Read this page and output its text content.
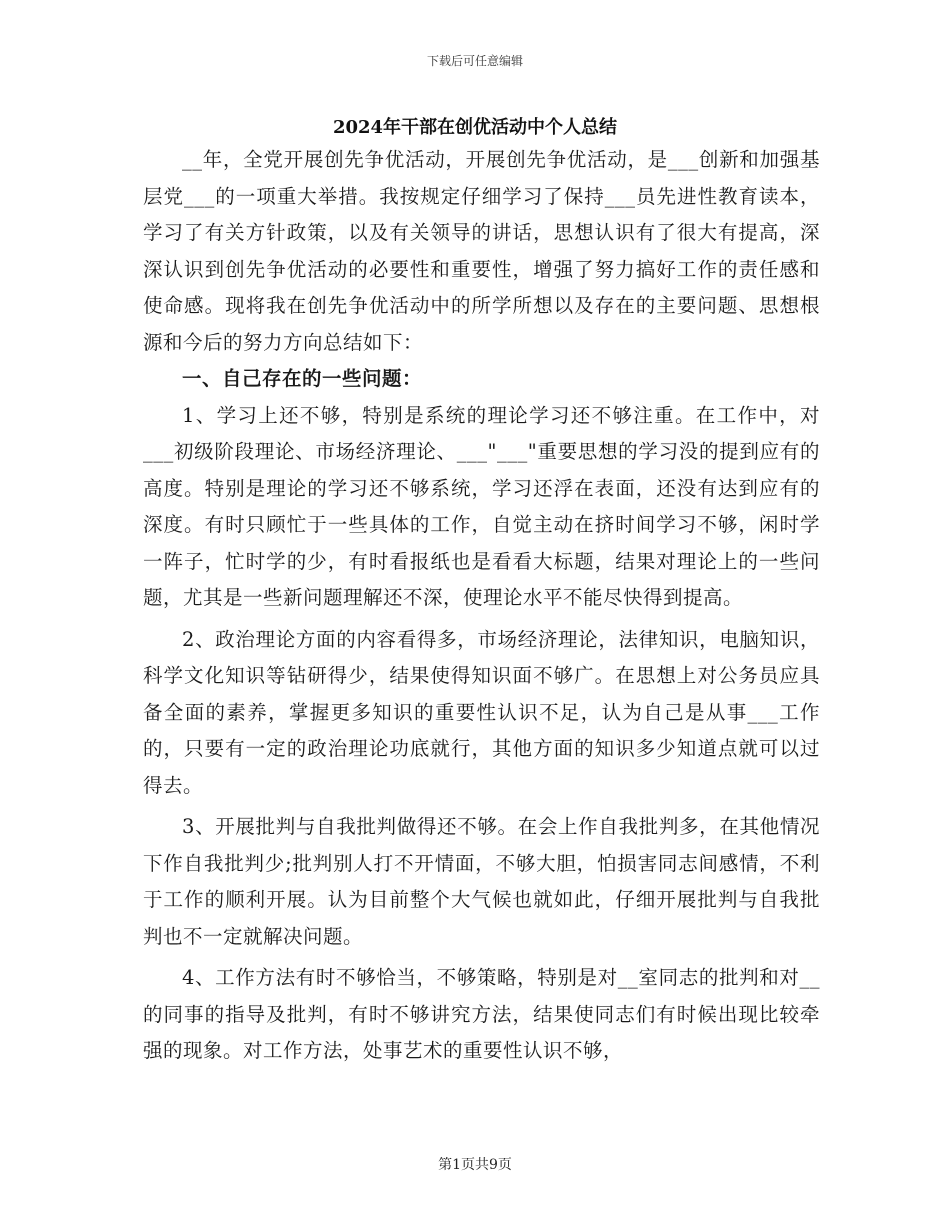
下载后可任意编辑
2024年干部在创优活动中个人总结

__年，全党开展创先争优活动，开展创先争优活动，是___创新和加强基层党___的一项重大举措。我按规定仔细学习了保持___员先进性教育读本，学习了有关方针政策，以及有关领导的讲话，思想认识有了很大有提高，深深认识到创先争优活动的必要性和重要性，增强了努力搞好工作的责任感和使命感。现将我在创先争优活动中的所学所想以及存在的主要问题、思想根源和今后的努力方向总结如下：

一、自己存在的一些问题：

1、学习上还不够，特别是系统的理论学习还不够注重。在工作中，对___初级阶段理论、市场经济理论、___"___"重要思想的学习没的提到应有的高度。特别是理论的学习还不够系统，学习还浮在表面，还没有达到应有的深度。有时只顾忙于一些具体的工作，自觉主动在挤时间学习不够，闲时学一阵子，忙时学的少，有时看报纸也是看看大标题，结果对理论上的一些问题，尤其是一些新问题理解还不深，使理论水平不能尽快得到提高。

2、政治理论方面的内容看得多，市场经济理论，法律知识，电脑知识，科学文化知识等钻研得少，结果使得知识面不够广。在思想上对公务员应具备全面的素养，掌握更多知识的重要性认识不足，认为自己是从事___工作的，只要有一定的政治理论功底就行，其他方面的知识多少知道点就可以过得去。

3、开展批判与自我批判做得还不够。在会上作自我批判多，在其他情况下作自我批判少;批判别人打不开情面，不够大胆，怕损害同志间感情，不利于工作的顺利开展。认为目前整个大气候也就如此，仔细开展批判与自我批判也不一定就解决问题。

4、工作方法有时不够恰当，不够策略，特别是对__室同志的批判和对__的同事的指导及批判，有时不够讲究方法，结果使同志们有时候出现比较牵强的现象。对工作方法，处事艺术的重要性认识不够，

第1页共9页
